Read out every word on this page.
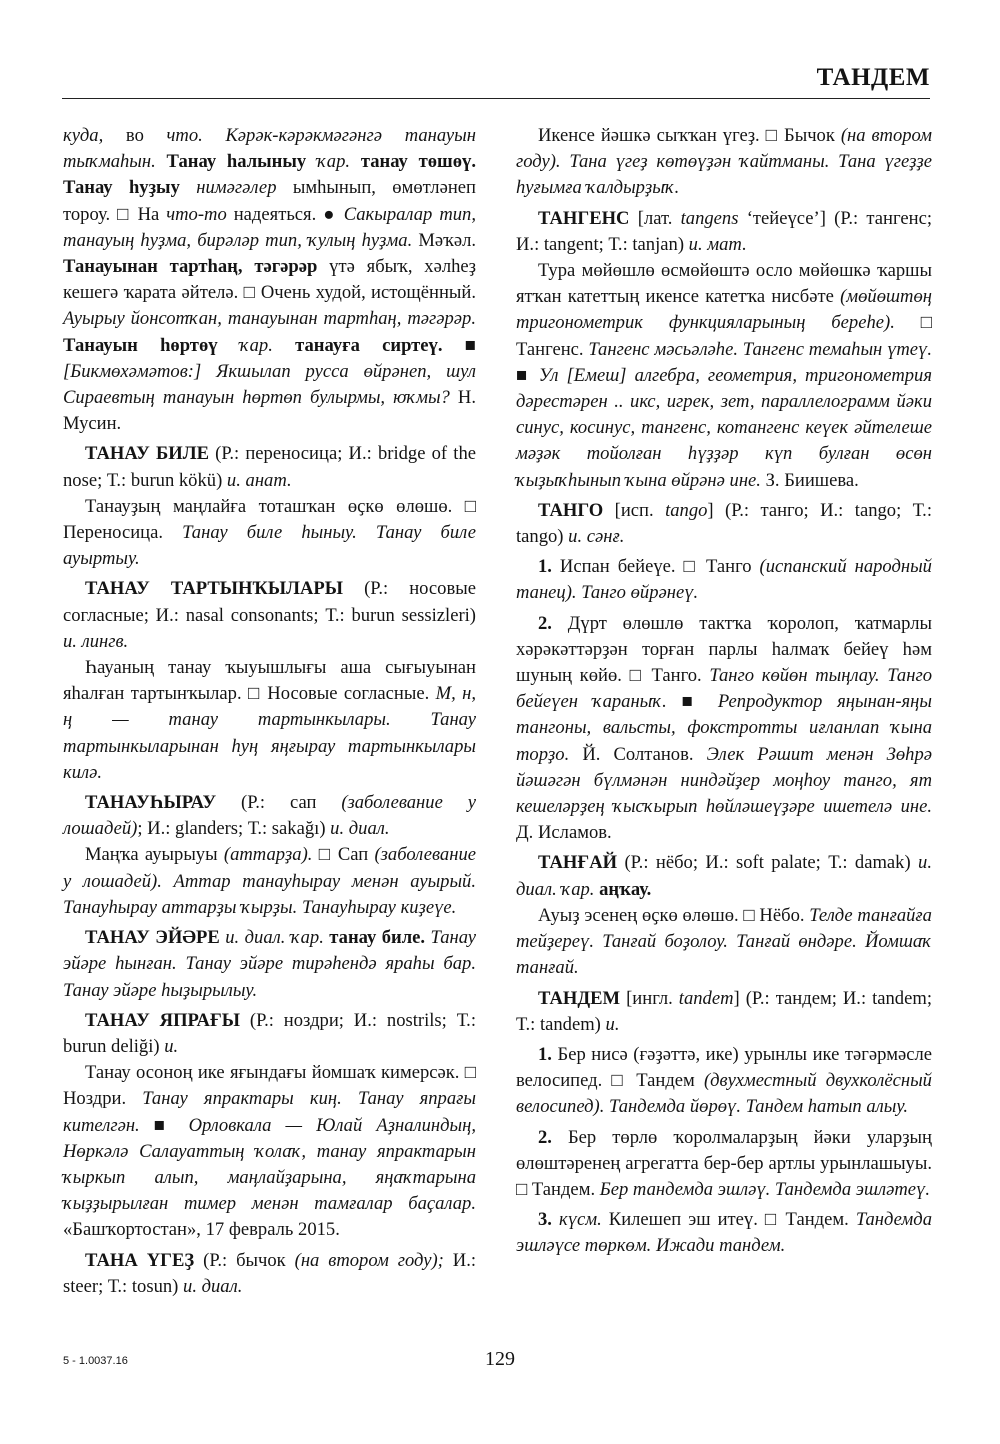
ТАНДЕМ

куда, во что. Кәрәк-кәрәкмәгәнгә танауын тыҡмаһын. Танау һалыныу ҡар. танау төшөү. Танау һуҙыу нимәгәлер ымһынып, өмөтләнеп тороу. □ На что-то надеяться. ● Сакыралар тип, танауың һуҙма, бирәләр тип, ҡулың һуҙма. Мәҡәл. Танауынан тартһаң, тәгәрәр үтә ябыҡ, хәлһеҙ кешегә ҡарата әйтелә. □ Очень худой, истощённый. Ауырыу йонсотҡан, танауынан тартһаң, тәгәрәр. Танауын һөртөү ҡар. танауға сиртеү. ■ [Бикмөхәмәтов:] Якшылап руссa өйрәнеп, шул Сираевтың танауын һөртөп булырмы, юҡмы? Н. Мусин.

ТАНАУ БИЛЕ (Р.: переносица; И.: bridge of the nose; Т.: burun kökü) и. анат.

Танауҙың маңлайға тоташҡан өҫкө өлөшө. □ Переносица. Танау биле һыныу. Танау биле ауыртыу.

ТАНАУ ТАРТЫНҠЫЛАРЫ (Р.: носовые согласные; И.: nasal consonants; Т.: burun sessizleri) и. лингв.

Һауаның танау ҡыуышлығы аша сығыуынан яһалған тартынҡылар. □ Носовые согласные. М, н, ң — танау тартынкылары. Танау тартынкыларынан һуң яңғырау тартынкылары килә.

ТАНАУҺЫРАУ (Р.: сап (заболевание у лошадей); И.: glanders; Т.: sakağı) и. диал.

Маңҡа ауырыуы (аттарҙа). □ Сап (заболевание у лошадей). Аттар танауһырау менән ауырый. Танауһырау аттарҙы ҡырҙы. Танауһырау киҙеүе.

ТАНАУ ЭЙӘРЕ и. диал. ҡар. танау биле. Танау эйәре һынған. Танау эйәре тирәһендә яраһы бар. Танау эйәре һыҙырылыу.

ТАНАУ ЯПРАҒЫ (Р.: ноздри; И.: nostrils; Т.: burun deliği) и.

Танау осоноң ике яғындағы йомшаҡ кимерсәк. □ Ноздри. Танау япрактары киң. Танау япрағы кителгән. ■ Орловкала — Юлай Аҙналиндың, Нөркәлә Салауаттың ҡолаҡ, танау япрактарын ҡыркып алып, маңлайҙарына, яңаҡтарына ҡыҙҙырылған тимер менән тамғалар баҫалар. «Башҡортостан», 17 февраль 2015.

ТАНА ҮГЕҘ (Р.: бычок (на втором году); И.: steer; Т.: tosun) и. диал.

Икенсе йәшкә сыҡҡан үгеҙ. □ Бычок (на втором году). Тана үгеҙ көтөүҙән ҡайтманы. Тана үгеҙҙе һуғымға ҡалдырҙыҡ.

ТАНГЕНС [лат. tangens ‘тейеүсе’] (Р.: тангенс; И.: tangent; Т.: tanjan) и. мат.

Тура мөйөшлө өсмөйөштә осло мөйөшкә ҡаршы ятҡан катеттың икенсе катетҡа нисбәте (мөйөштөң тригонометрик функцияларының береһе). □ Тангенс. Тангенс мәсьәләһе. Тангенс темаһын үтеү. ■ Ул [Емеш] алгебра, геометрия, тригонометрия дәрестәрен .. икс, игрек, зет, параллелограмм йәки синус, косинус, тангенс, котангенс кеүек әйтелеше мәҙәк тойолған һүҙҙәр күп булған өсөн ҡыҙыҡһынып ҡына өйрәнә ине. З. Биишева.

ТАНГО [исп. tango] (Р.: танго; И.: tango; Т.: tango) и. сәнғ.

1. Испан бейеүе. □ Танго (испанский народный танец). Танго өйрәнеү.

2. Дүрт өлөшлө тактҡа ҡоролоп, ҡатмарлы хәрәкәттәрҙән торған парлы һалмаҡ бейеү һәм шуның көйө. □ Танго. Танго көйөн тыңлау. Танго бейеүен ҡараныҡ. ■ Репродуктор яңынан-яңы тангоны, вальсты, фокстротты иғланлап ҡына торҙо. Й. Солтанов. Элек Рәшит менән Зөһрә йәшәгән бүлмәнән ниндәйҙер моңһоу танго, ят кешеләрҙең ҡысҡырып һөйләшеүҙәре ишетелә ине. Д. Исламов.

ТАНҒАЙ (Р.: нёбо; И.: soft palate; Т.: damak) и. диал. ҡар. аңҡау.

Ауыҙ эсенең өҫкө өлөшө. □ Нёбо. Телде танғайға тейҙереү. Танғай боҙолоу. Танғай өндәре. Йомшаҡ танғай.

ТАНДЕМ [ингл. tandem] (Р.: тандем; И.: tandem; Т.: tandem) и.

1. Бер нисә (ғәҙәттә, ике) урынлы ике тәгәрмәсле велосипед. □ Тандем (двухместный двухколёсный велосипед). Тандемда йөрөү. Тандем һатып алыу.

2. Бер төрлө ҡоролмаларҙың йәки уларҙың өлөштәренең агрегатта бер-бер артлы урынлашыуы. □ Тандем. Бер тандемда эшләү. Тандемда эшләтеү.

3. күсм. Килешеп эш итеү. □ Тандем. Тандемда эшләүсе төркөм. Ижади тандем.

5 - 1.0037.16	129
